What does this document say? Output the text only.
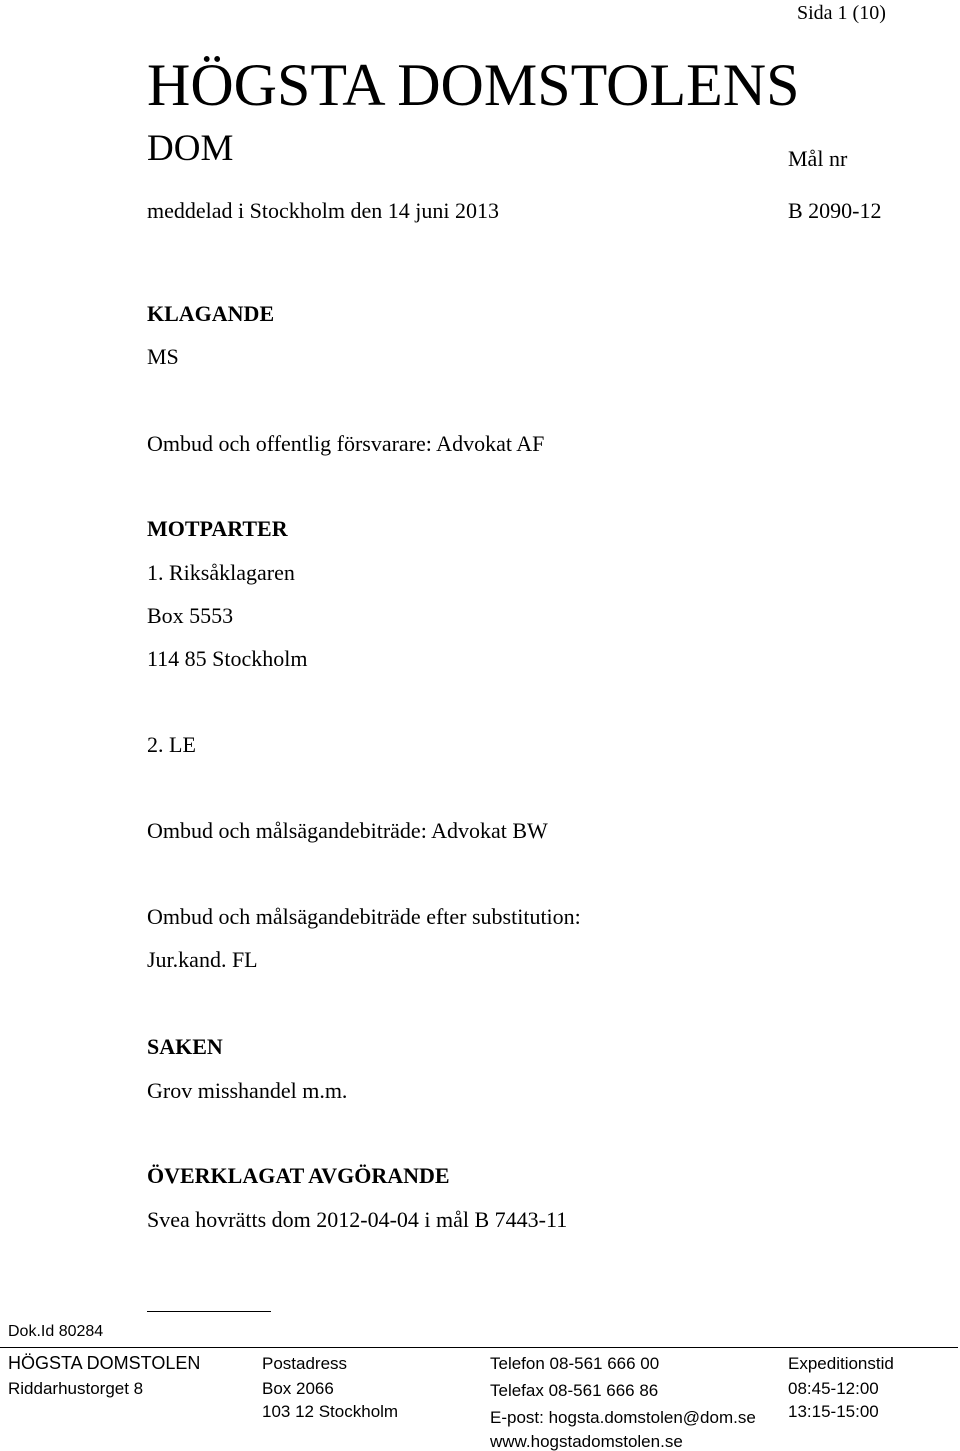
Sida 1 (10)
HÖGSTA DOMSTOLENS
DOM	Mål nr
meddelad i Stockholm den 14 juni 2013	B 2090-12
KLAGANDE
MS
Ombud och offentlig försvarare: Advokat AF
MOTPARTER
1. Riksåklagaren
Box 5553
114 85 Stockholm
2. LE
Ombud och målsägandebiträde: Advokat BW
Ombud och målsägandebiträde efter substitution:
Jur.kand. FL
SAKEN
Grov misshandel m.m.
ÖVERKLAGAT AVGÖRANDE
Svea hovrätts dom 2012-04-04 i mål B 7443-11
Dok.Id 80284
HÖGSTA DOMSTOLEN
Riddarhustorget 8
Postadress
Box 2066
103 12 Stockholm
Telefon 08-561 666 00
Telefax 08-561 666 86
E-post: hogsta.domstolen@dom.se
www.hogstadomstolen.se
Expeditionstid
08:45-12:00
13:15-15:00
